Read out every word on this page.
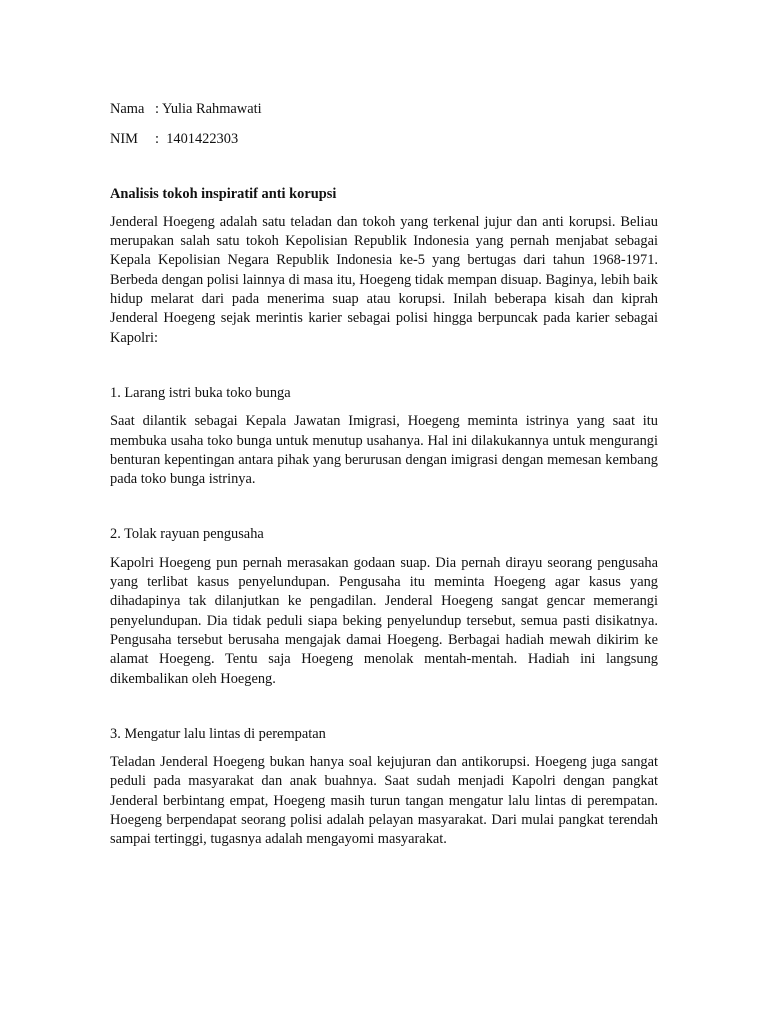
Nama : Yulia Rahmawati

NIM :  1401422303

Analisis tokoh inspiratif anti korupsi

Jenderal Hoegeng adalah satu teladan dan tokoh yang terkenal jujur dan anti korupsi. Beliau merupakan salah satu tokoh Kepolisian Republik Indonesia yang pernah menjabat sebagai Kepala Kepolisian Negara Republik Indonesia ke-5 yang bertugas dari tahun 1968-1971. Berbeda dengan polisi lainnya di masa itu, Hoegeng tidak mempan disuap. Baginya, lebih baik hidup melarat dari pada menerima suap atau korupsi. Inilah beberapa kisah dan kiprah Jenderal Hoegeng sejak merintis karier sebagai polisi hingga berpuncak pada karier sebagai Kapolri:

1. Larang istri buka toko bunga

Saat dilantik sebagai Kepala Jawatan Imigrasi, Hoegeng meminta istrinya yang saat itu membuka usaha toko bunga untuk menutup usahanya. Hal ini dilakukannya untuk mengurangi benturan kepentingan antara pihak yang berurusan dengan imigrasi dengan memesan kembang pada toko bunga istrinya.

2. Tolak rayuan pengusaha

Kapolri Hoegeng pun pernah merasakan godaan suap. Dia pernah dirayu seorang pengusaha yang terlibat kasus penyelundupan. Pengusaha itu meminta Hoegeng agar kasus yang dihadapinya tak dilanjutkan ke pengadilan. Jenderal Hoegeng sangat gencar memerangi penyelundupan. Dia tidak peduli siapa beking penyelundup tersebut, semua pasti disikatnya. Pengusaha tersebut berusaha mengajak damai Hoegeng. Berbagai hadiah mewah dikirim ke alamat Hoegeng. Tentu saja Hoegeng menolak mentah-mentah. Hadiah ini langsung dikembalikan oleh Hoegeng.

3. Mengatur lalu lintas di perempatan

Teladan Jenderal Hoegeng bukan hanya soal kejujuran dan antikorupsi. Hoegeng juga sangat peduli pada masyarakat dan anak buahnya. Saat sudah menjadi Kapolri dengan pangkat Jenderal berbintang empat, Hoegeng masih turun tangan mengatur lalu lintas di perempatan. Hoegeng berpendapat seorang polisi adalah pelayan masyarakat. Dari mulai pangkat terendah sampai tertinggi, tugasnya adalah mengayomi masyarakat.
